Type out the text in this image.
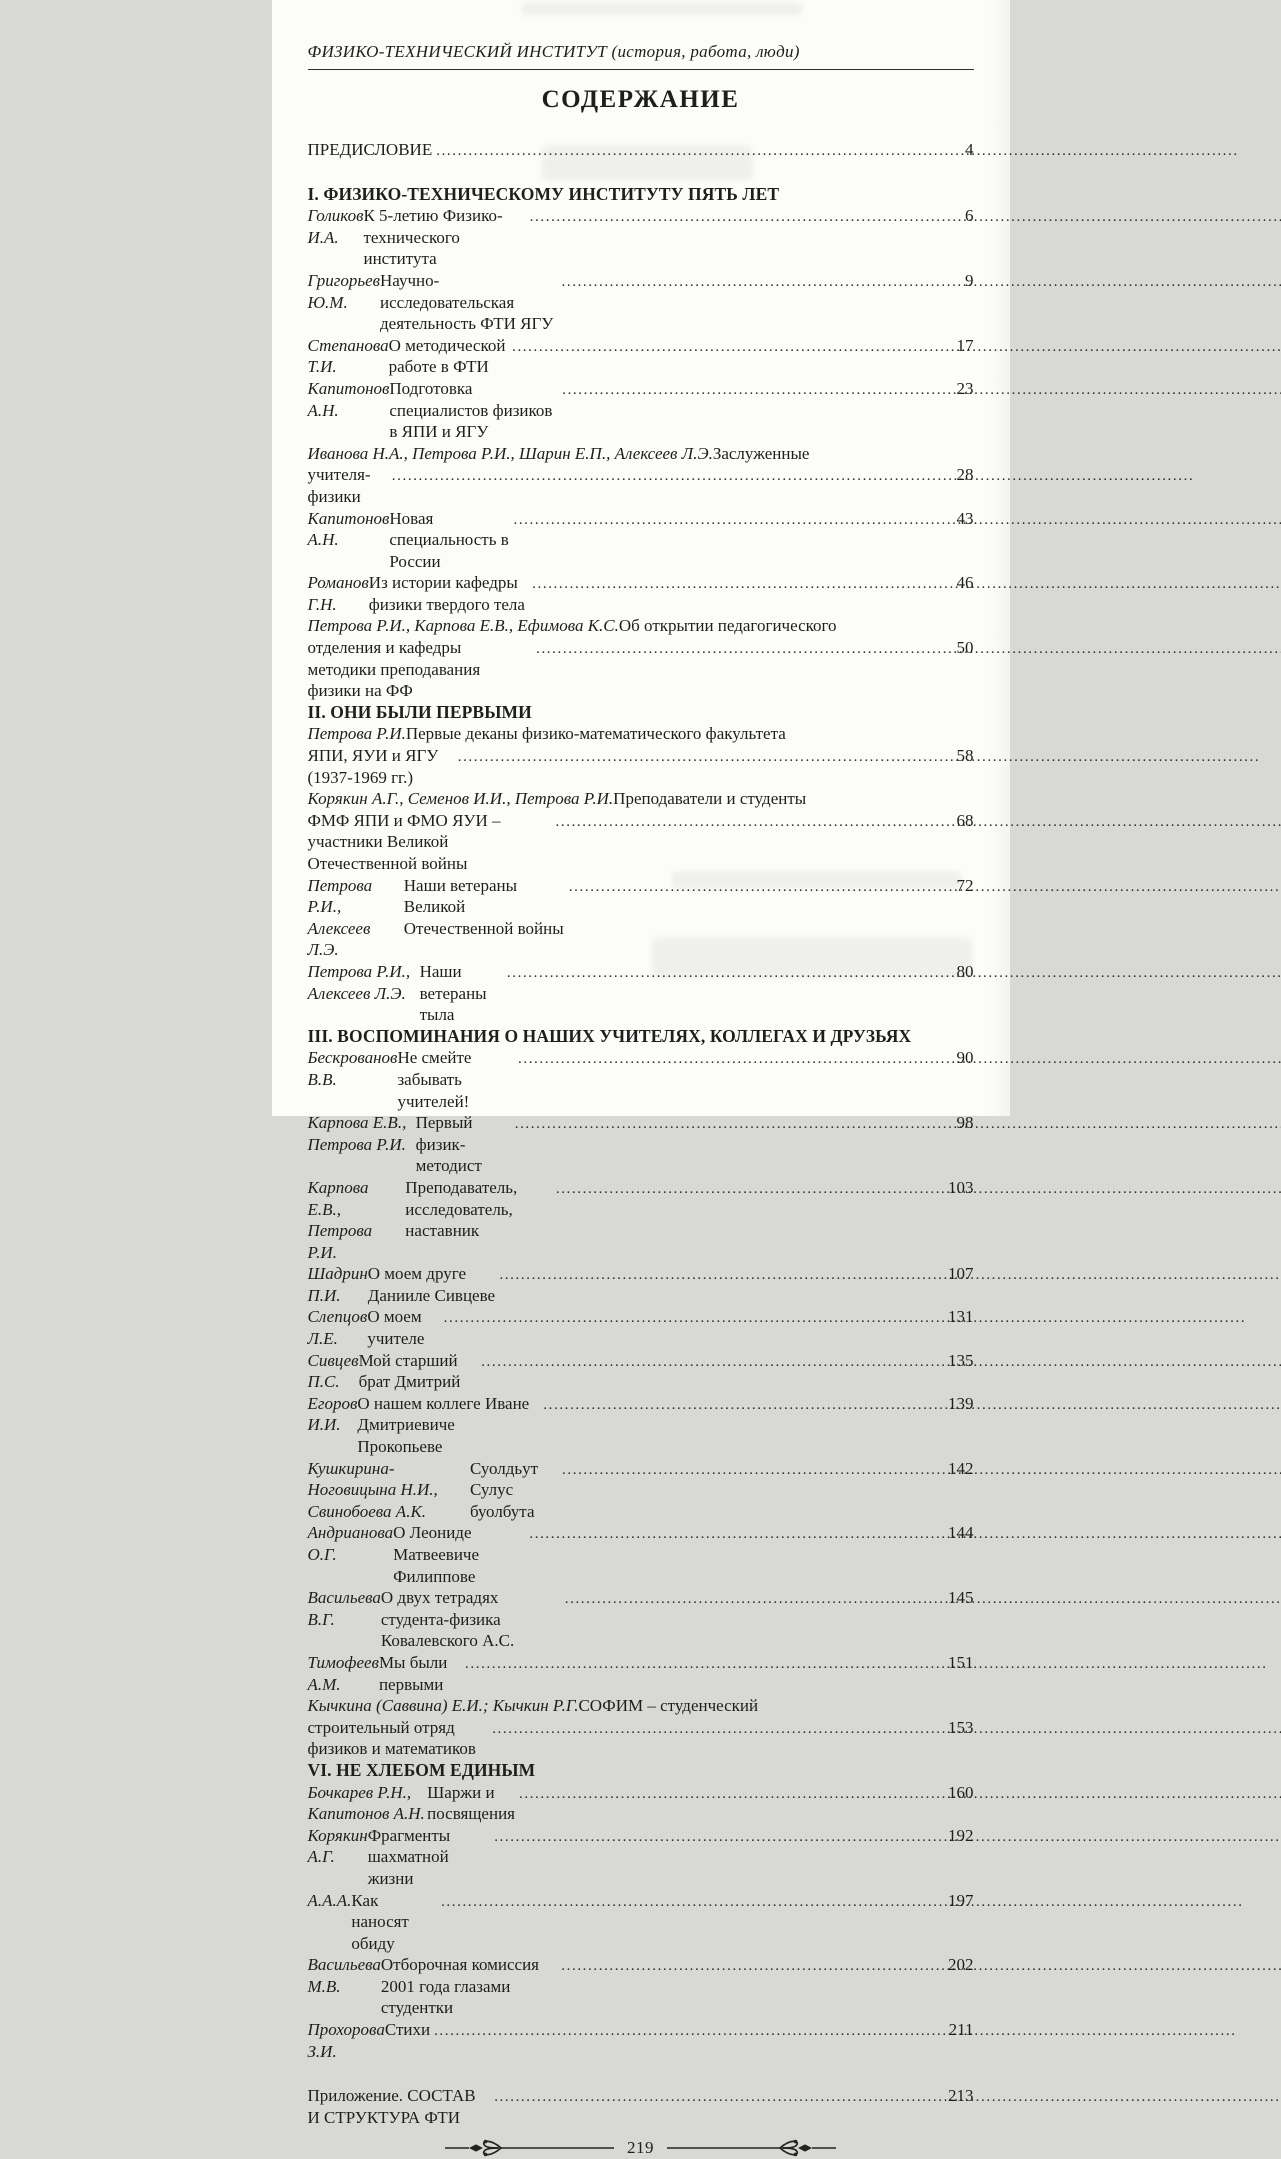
ФИЗИКО-ТЕХНИЧЕСКИЙ ИНСТИТУТ (история, работа, люди)
СОДЕРЖАНИЕ
ПРЕДИСЛОВИЕ .....	4
I. ФИЗИКО-ТЕХНИЧЕСКОМУ ИНСТИТУТУ ПЯТЬ ЛЕТ
Голиков И.А.
К 5-летию Физико-технического института
.....
6
Григорьев Ю.М.
Научно-исследовательская деятельность ФТИ ЯГУ
.....
9
Степанова Т.И.
О методической работе в ФТИ
.....
17
Капитонов А.Н.
Подготовка специалистов физиков в ЯПИ и ЯГУ
.....
23
Иванова Н.А., Петрова Р.И., Шарин Е.П., Алексеев Л.Э. Заслуженные
учителя-физики
.....
28
Капитонов А.Н.
Новая специальность в России
.....
43
Романов Г.Н.
Из истории кафедры физики твердого тела
.....
46
Петрова Р.И., Карпова Е.В., Ефимова К.С. Об открытии педагогического
отделения и кафедры методики преподавания физики на ФФ
.....
50
II. ОНИ БЫЛИ ПЕРВЫМИ
Петрова Р.И. Первые деканы физико-математического факультета
ЯПИ, ЯУИ и ЯГУ (1937-1969 гг.)
.....
58
Корякин А.Г., Семенов И.И., Петрова Р.И. Преподаватели и студенты
ФМФ ЯПИ и ФМО ЯУИ – участники Великой Отечественной войны
.....
68
Петрова Р.И., Алексеев Л.Э.
Наши ветераны Великой Отечественной войны
.....
72
Петрова Р.И., Алексеев Л.Э.
Наши ветераны тыла
.....
80
III. ВОСПОМИНАНИЯ О НАШИХ УЧИТЕЛЯХ, КОЛЛЕГАХ И ДРУЗЬЯХ
Бескрованов В.В.
Не смейте забывать учителей!
.....
90
Карпова Е.В., Петрова Р.И.
Первый физик-методист
.....
98
Карпова Е.В., Петрова Р.И.
Преподаватель, исследователь, наставник
.....
103
Шадрин П.И.
О моем друге Данииле Сивцеве
.....
107
Слепцов Л.Е.
О моем учителе
.....
131
Сивцев П.С.
Мой старший брат Дмитрий
.....
135
Егоров И.И.
О нашем коллеге Иване Дмитриевиче Прокопьеве
.....
139
Кушкирина-Ноговицына Н.И., Свинобоева А.К.
Суолдьут Сулус буолбута
.....
142
Андрианова О.Г.
О Леониде Матвеевиче Филиппове
.....
144
Васильева В.Г.
О двух тетрадях студента-физика Ковалевского А.С.
.....
145
Тимофеев А.М.
Мы были первыми
.....
151
Кычкина (Саввина) Е.И.; Кычкин Р.Г. СОФИМ – студенческий
строительный отряд физиков и математиков
.....
153
VI. НЕ ХЛЕБОМ ЕДИНЫМ
Бочкарев Р.Н., Капитонов А.Н.
Шаржи и посвящения
.....
160
Корякин А.Г.
Фрагменты шахматной жизни
.....
192
А.А.А. Как наносят обиду
.....
197
Васильева М.В.
Отборочная комиссия 2001 года глазами студентки
.....
202
Прохорова З.И.
Стихи .....	211
Приложение. СОСТАВ И СТРУКТУРА ФТИ
.....
213
219
